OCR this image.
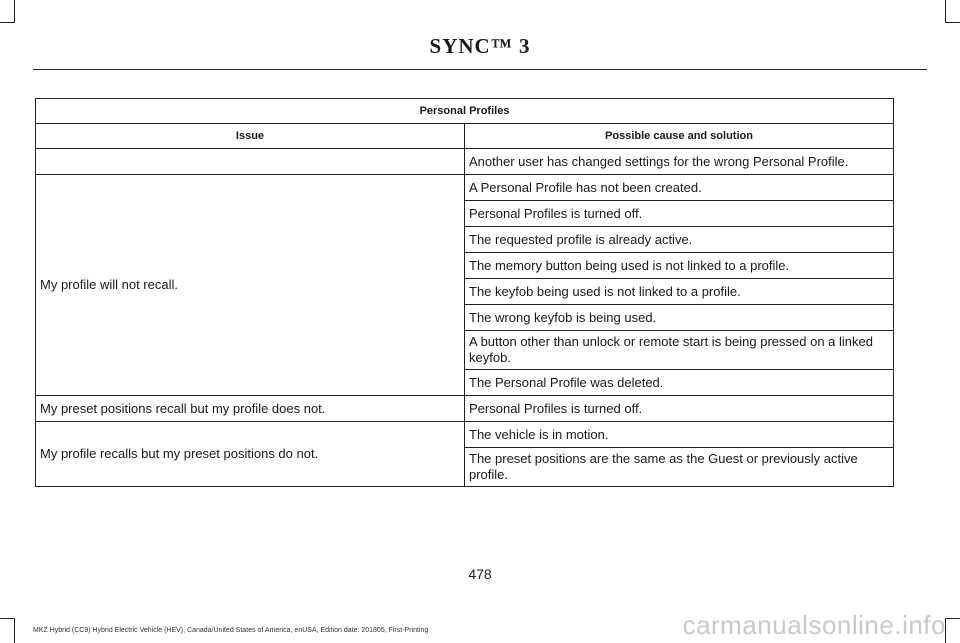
SYNC™ 3
Personal Profiles	
Issue	Possible cause and solution
	Another user has changed settings for the wrong Personal Profile.
My profile will not recall.	A Personal Profile has not been created.
	Personal Profiles is turned off.
	The requested profile is already active.
	The memory button being used is not linked to a profile.
	The keyfob being used is not linked to a profile.
	The wrong keyfob is being used.
	A button other than unlock or remote start is being pressed on a linked keyfob.
	The Personal Profile was deleted.
My preset positions recall but my profile does not.	Personal Profiles is turned off.
My profile recalls but my preset positions do not.	The vehicle is in motion.
	The preset positions are the same as the Guest or previously active profile.
478
MKZ Hybrid (CC9) Hybrid Electric Vehicle (HEV), Canada/United States of America, enUSA, Edition date: 201805, First-Printing	carmanualsonline.info
